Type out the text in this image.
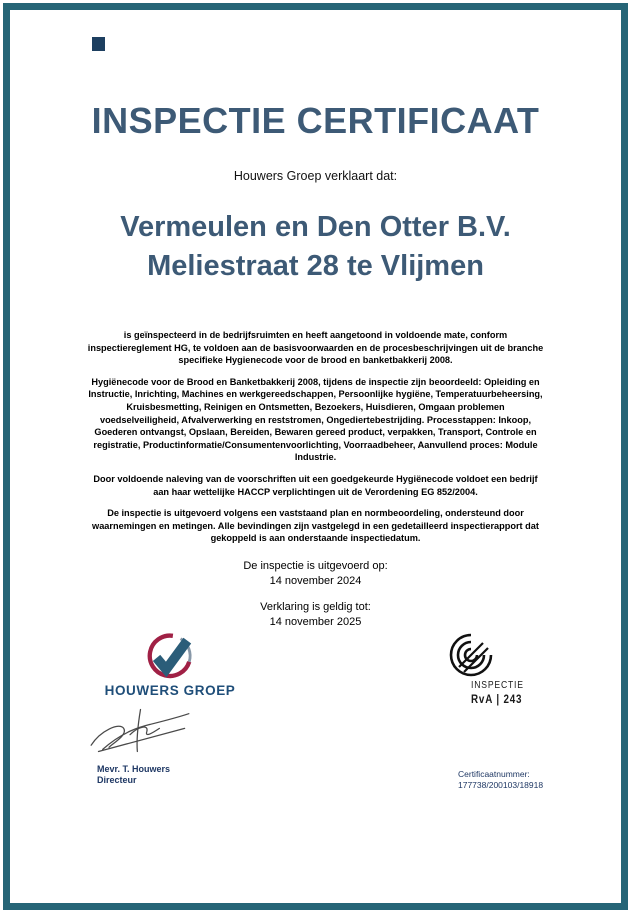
INSPECTIE CERTIFICAAT
Houwers Groep verklaart dat:
Vermeulen en Den Otter B.V.
Meliestraat 28 te Vlijmen

is geïnspecteerd in de bedrijfsruimten en heeft aangetoond in voldoende mate, conform inspectiereglement HG, te voldoen aan de basisvoorwaarden en de procesbeschrijvingen uit de branche specifieke Hygienecode voor de brood en banketbakkerij 2008.

Hygiënecode voor de Brood en Banketbakkerij 2008, tijdens de inspectie zijn beoordeeld: Opleiding en Instructie, Inrichting, Machines en werkgereedschappen, Persoonlijke hygiëne, Temperatuurbeheersing, Kruisbesmetting, Reinigen en Ontsmetten, Bezoekers, Huisdieren, Omgaan problemen voedselveiligheid, Afvalverwerking en reststromen, Ongediertebestrijding. Processtappen: Inkoop, Goederen ontvangst, Opslaan, Bereiden, Bewaren gereed product, verpakken, Transport, Controle en registratie, Productinformatie/Consumentenvoorlichting, Voorraadbeheer, Aanvullend proces: Module Industrie.

Door voldoende naleving van de voorschriften uit een goedgekeurde Hygiënecode voldoet een bedrijf aan haar wettelijke HACCP verplichtingen uit de Verordening EG 852/2004.

De inspectie is uitgevoerd volgens een vaststaand plan en normbeoordeling, ondersteund door waarnemingen en metingen. Alle bevindingen zijn vastgelegd in een gedetailleerd inspectierapport dat gekoppeld is aan onderstaande inspectiedatum.

De inspectie is uitgevoerd op:
14 november 2024
Verklaring is geldig tot:
14 november 2025
HOUWERS GROEP	INSPECTIE
RvA | 243
Mevr. T. Houwers
Directeur
Certificaatnummer:
177738/200103/18918
